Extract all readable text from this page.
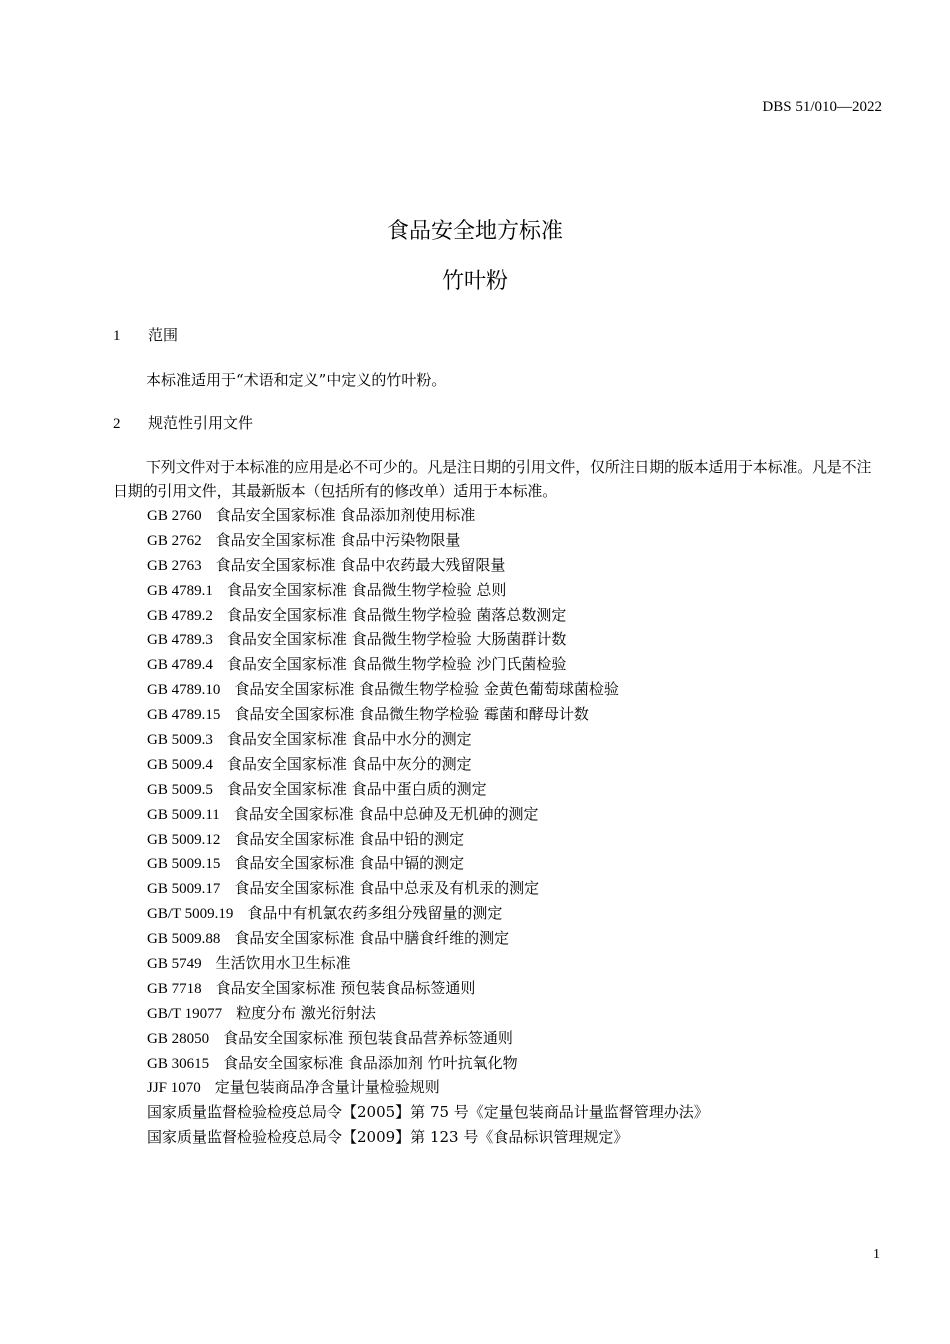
DBS 51/010—2022
食品安全地方标准
竹叶粉
1 范围
本标准适用于“术语和定义”中定义的竹叶粉。
2 规范性引用文件
下列文件对于本标准的应用是必不可少的。凡是注日期的引用文件，仅所注日期的版本适用于本标准。凡是不注日期的引用文件，其最新版本（包括所有的修改单）适用于本标准。
GB 2760 食品安全国家标准 食品添加剂使用标准
GB 2762 食品安全国家标准 食品中污染物限量
GB 2763 食品安全国家标准 食品中农药最大残留限量
GB 4789.1 食品安全国家标准 食品微生物学检验 总则
GB 4789.2 食品安全国家标准 食品微生物学检验 菌落总数测定
GB 4789.3 食品安全国家标准 食品微生物学检验 大肠菌群计数
GB 4789.4 食品安全国家标准 食品微生物学检验 沙门氏菌检验
GB 4789.10 食品安全国家标准 食品微生物学检验 金黄色葡萄球菌检验
GB 4789.15 食品安全国家标准 食品微生物学检验 霉菌和酵母计数
GB 5009.3 食品安全国家标准 食品中水分的测定
GB 5009.4 食品安全国家标准 食品中灰分的测定
GB 5009.5 食品安全国家标准 食品中蛋白质的测定
GB 5009.11 食品安全国家标准 食品中总砷及无机砷的测定
GB 5009.12 食品安全国家标准 食品中铅的测定
GB 5009.15 食品安全国家标准 食品中镉的测定
GB 5009.17 食品安全国家标准 食品中总汞及有机汞的测定
GB/T 5009.19 食品中有机氯农药多组分残留量的测定
GB 5009.88 食品安全国家标准 食品中膳食纤维的测定
GB 5749 生活饮用水卫生标准
GB 7718 食品安全国家标准 预包装食品标签通则
GB/T 19077 粒度分布 激光衍射法
GB 28050 食品安全国家标准 预包装食品营养标签通则
GB 30615 食品安全国家标准 食品添加剂 竹叶抗氧化物
JJF 1070 定量包装商品净含量计量检验规则
国家质量监督检验检疫总局令【2005】第 75 号《定量包装商品计量监督管理办法》
国家质量监督检验检疫总局令【2009】第 123 号《食品标识管理规定》
1
